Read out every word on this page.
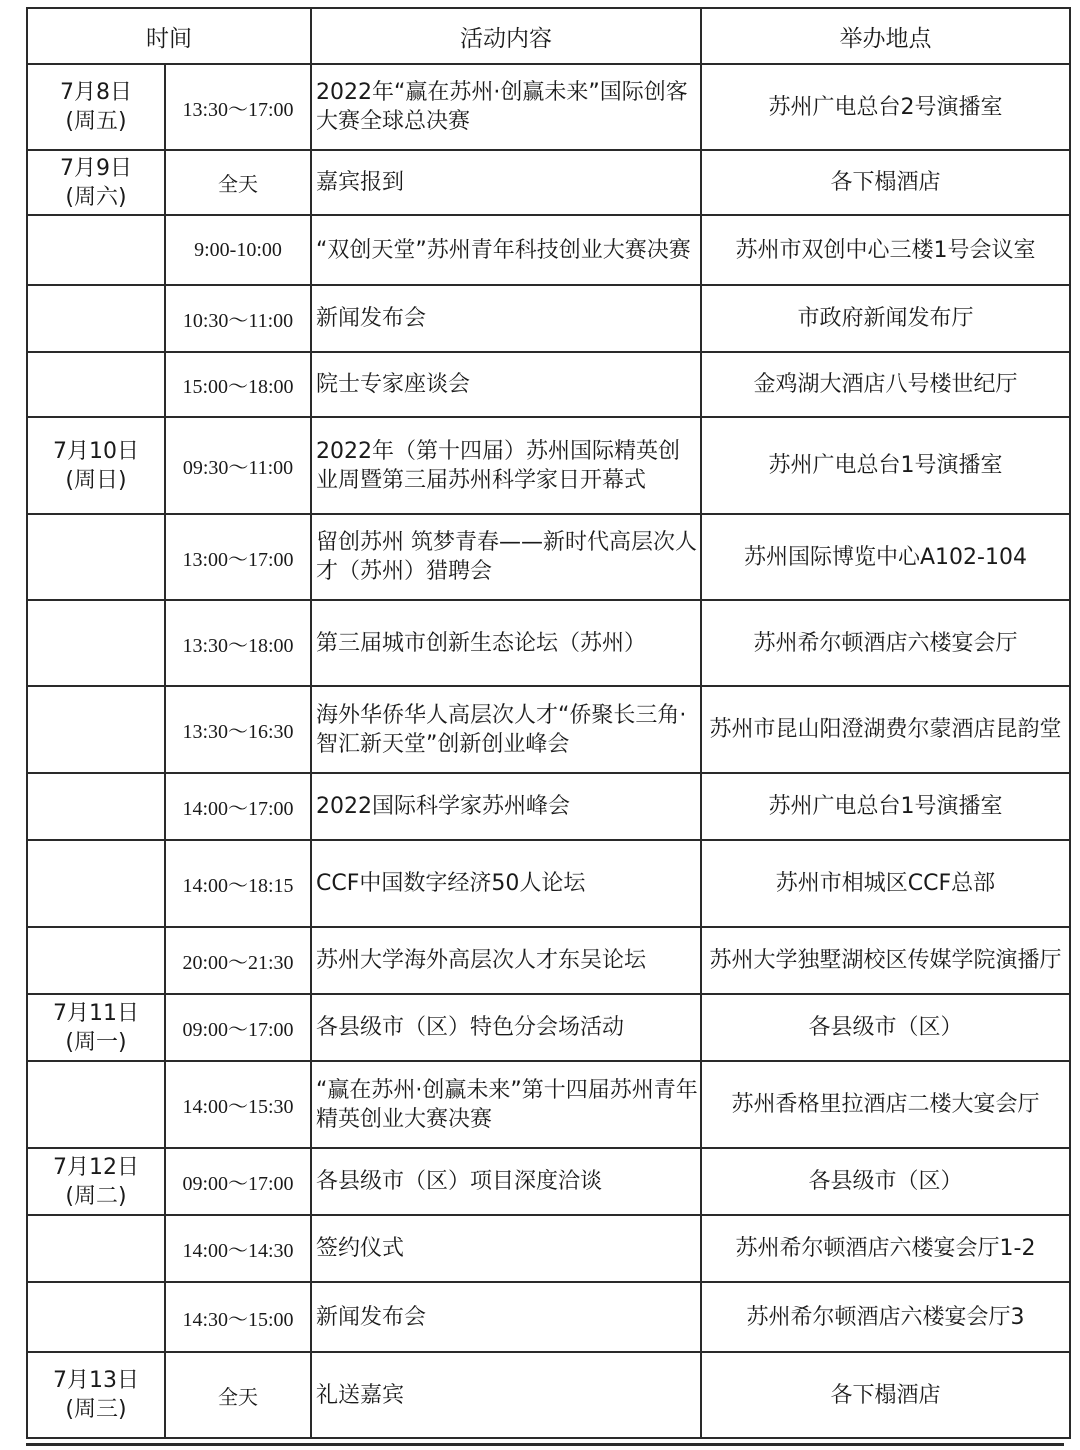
时间		活动内容	举办地点

7月8日
(周五)	13:30～17:00	2022年“赢在苏州·创赢未来”国际创客大赛全球总决赛	苏州广电总台2号演播室

7月9日
(周六)	全天	嘉宾报到	各下榻酒店

	9:00-10:00	“双创天堂”苏州青年科技创业大赛决赛	苏州市双创中心三楼1号会议室

	10:30～11:00	新闻发布会	市政府新闻发布厅

	15:00～18:00	院士专家座谈会	金鸡湖大酒店八号楼世纪厅

7月10日
(周日)	09:30～11:00	2022年（第十四届）苏州国际精英创业周暨第三届苏州科学家日开幕式	苏州广电总台1号演播室

	13:00～17:00	留创苏州 筑梦青春——新时代高层次人才（苏州）猎聘会	苏州国际博览中心A102-104

	13:30～18:00	第三届城市创新生态论坛（苏州）	苏州希尔顿酒店六楼宴会厅

	13:30～16:30	海外华侨华人高层次人才“侨聚长三角·智汇新天堂”创新创业峰会	苏州市昆山阳澄湖费尔蒙酒店昆韵堂

	14:00～17:00	2022国际科学家苏州峰会	苏州广电总台1号演播室

	14:00～18:15	CCF中国数字经济50人论坛	苏州市相城区CCF总部

	20:00～21:30	苏州大学海外高层次人才东吴论坛	苏州大学独墅湖校区传媒学院演播厅

7月11日
(周一)	09:00～17:00	各县级市（区）特色分会场活动	各县级市（区）

	14:00～15:30	“赢在苏州·创赢未来”第十四届苏州青年精英创业大赛决赛	苏州香格里拉酒店二楼大宴会厅

7月12日
(周二)	09:00～17:00	各县级市（区）项目深度洽谈	各县级市（区）

	14:00～14:30	签约仪式	苏州希尔顿酒店六楼宴会厅1-2

	14:30～15:00	新闻发布会	苏州希尔顿酒店六楼宴会厅3

7月13日
(周三)	全天	礼送嘉宾	各下榻酒店
